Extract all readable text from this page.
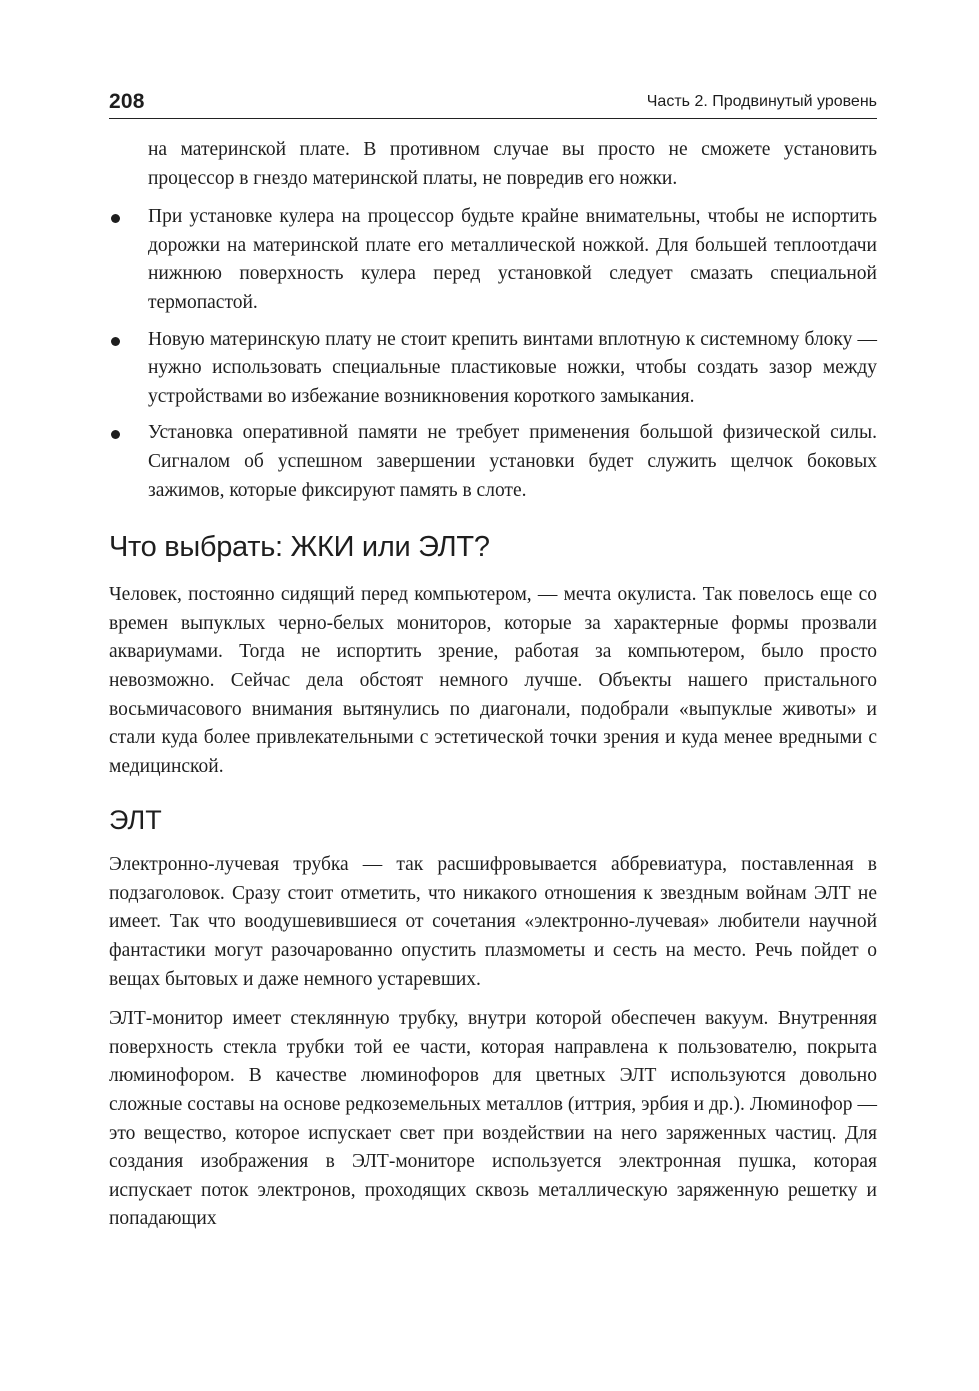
208	Часть 2. Продвинутый уровень

на материнской плате. В противном случае вы просто не сможете установить процессор в гнездо материнской платы, не повредив его ножки.

При установке кулера на процессор будьте крайне внимательны, чтобы не испортить дорожки на материнской плате его металлической ножкой. Для большей теплоотдачи нижнюю поверхность кулера перед установкой следует смазать специальной термопастой.
Новую материнскую плату не стоит крепить винтами вплотную к системному блоку — нужно использовать специальные пластиковые ножки, чтобы создать зазор между устройствами во избежание возникновения короткого замыкания.
Установка оперативной памяти не требует применения большой физической силы. Сигналом об успешном завершении установки будет служить щелчок боковых зажимов, которые фиксируют память в слоте.
Что выбрать: ЖКИ или ЭЛТ?

Человек, постоянно сидящий перед компьютером, — мечта окулиста. Так повелось еще со времен выпуклых черно-белых мониторов, которые за характерные формы прозвали аквариумами. Тогда не испортить зрение, работая за компьютером, было просто невозможно. Сейчас дела обстоят немного лучше. Объекты нашего пристального восьмичасового внимания вытянулись по диагонали, подобрали «выпуклые животы» и стали куда более привлекательными с эстетической точки зрения и куда менее вредными с медицинской.

ЭЛТ

Электронно-лучевая трубка — так расшифровывается аббревиатура, поставленная в подзаголовок. Сразу стоит отметить, что никакого отношения к звездным войнам ЭЛТ не имеет. Так что воодушевившиеся от сочетания «электронно-лучевая» любители научной фантастики могут разочарованно опустить плазмометы и сесть на место. Речь пойдет о вещах бытовых и даже немного устаревших.

ЭЛТ-монитор имеет стеклянную трубку, внутри которой обеспечен вакуум. Внутренняя поверхность стекла трубки той ее части, которая направлена к пользователю, покрыта люминофором. В качестве люминофоров для цветных ЭЛТ используются довольно сложные составы на основе редкоземельных металлов (иттрия, эрбия и др.). Люминофор — это вещество, которое испускает свет при воздействии на него заряженных частиц. Для создания изображения в ЭЛТ-мониторе используется электронная пушка, которая испускает поток электронов, проходящих сквозь металлическую заряженную решетку и попадающих
